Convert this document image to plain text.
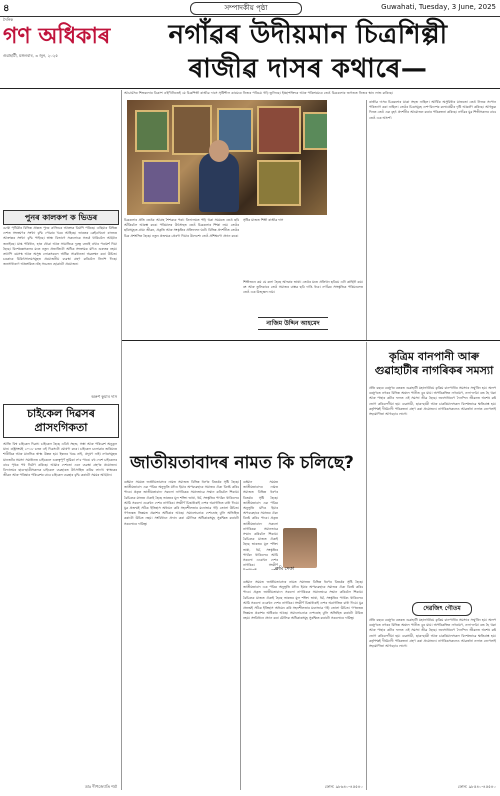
৪	সম্পাদকীয় পৃষ্ঠা	Guwahati, Tuesday, 3 June, 2025
দৈনিক
গণ অধিকাৰ
গুৱাহাটী, মঙ্গলবাৰ, ৩ জুন, ২০২৫
নগাঁৱৰ উদীয়মান চিত্ৰশিল্পী
ৰাজীৱ দাসৰ কথাৰে—
পুনৰ কালকপ ক ভিডৰ
চেপ্তা পৃথিৱীৰ বিভিন্ন প্ৰান্তত পুনৰ ক'ভিডৰ আতংক বিয়পি পৰিছে। এছিয়াৰ বিভিন্ন দেশত সংক্ৰমণৰ সংখ্যা বৃদ্ধি পোৱাৰ খবৰ আহিছে। ভাৰতৰ কেইবাখনো ৰাজ্যত আক্ৰান্তৰ সংখ্যা বৃদ্ধি পাইছে। স্বাস্থ্য বিভাগে সকলোকে সতৰ্ক থাকিবলৈ আহ্বান জনাইছে। মাস্ক পৰিধান, হাত ধোৱা আৰু সামাজিক দূৰত্ব বজাই ৰখাৰ পৰামৰ্শ দিয়া হৈছে। বিশেষজ্ঞসকলৰ মতে নতুন প্ৰজাতিটো অধিক সংক্ৰামক যদিও গুৰুতৰ নহয়। তথাপি বয়সস্থ আৰু অসুস্থ লোকসকলে অধিক সাৱধানতা অৱলম্বন কৰা উচিত। চৰকাৰে চিকিৎসালয়সমূহত প্ৰয়োজনীয় ব্যৱস্থা গ্ৰহণ কৰিবলৈ নিৰ্দেশ দিছে। জনসাধাৰণে আতংকিত নহৈ সচেতন হোৱাটো প্ৰয়োজন।
অৰুণ কুমাৰ দাস
চাইকেল দিৱসৰ প্ৰাসংগিকতা
আজি বিশ্ব চাইকেল দিৱস। চাইকেল হৈছে এবিধ সহজ, সস্তা আৰু পৰিৱেশ অনুকূল যান। ৰাষ্ট্ৰসংঘই ২০১৮ চনত এই দিৱসটো ঘোষণা কৰে। চাইকেল চলোৱাৰ জৰিয়তে শাৰীৰিক আৰু মানসিক স্বাস্থ্য উন্নত হয়। ইন্ধনৰ খৰচ নাই, প্ৰদূষণ নাই। নগৰসমূহত যানজটৰ সমস্যা সমাধানত চাইকেলে গুৰুত্বপূৰ্ণ ভূমিকা ল'ব পাৰে। বহু দেশে চাইকেলৰ বাবে পৃথক পথ নিৰ্মাণ কৰিছে। আমাৰ দেশতো এনে ব্যৱস্থা গ্ৰহণৰ প্ৰয়োজন। বিদ্যালয়ৰ ছাত্ৰ-ছাত্ৰীসকলক চাইকেল ব্যৱহাৰত উৎসাহিত কৰিব লাগে। স্বাস্থ্যকৰ জীৱন আৰু পৰিষ্কাৰ পৰিৱেশৰ বাবে চাইকেল ব্যৱহাৰ বৃদ্ধি কৰাটো সময়ৰ আহ্বান।
ডাঃ দীপজ্যোতি শৰ্মা
আচাৰ্যসৰ শিল্পকলাৰ বিকাশ এইখিনিতেই যে চিত্ৰশিল্পী ৰাজীৱ দাসে সৃষ্টিশীল কামেৰে নিজৰ পৰিচয় গঢ়ি তুলিছে। ইচ্ছাশক্তিৰে আৰু পৰিশ্ৰমেৰে তেওঁ চিত্ৰকলাৰ জগতত নিজৰ স্থান লাভ কৰিছে।
চিত্ৰকলাৰ প্ৰতি তেওঁৰ আগ্ৰহ শৈশৱৰে পৰা। বিদ্যালয়ত পঢ়ি থকা সময়তে তেওঁ ছবি আঁকিবলৈ আৰম্ভ কৰে। পৰিয়ালৰ উৎসাহত তেওঁ চিত্ৰকলাৰ শিক্ষা লয়। তেওঁৰ ছবিসমূহত গ্ৰাম্য জীৱন, প্ৰকৃতি আৰু সংস্কৃতিৰ প্ৰতিফলন ঘটে। বিভিন্ন প্ৰদৰ্শনীত তেওঁৰ চিত্ৰ প্ৰশংসিত হৈছে। নতুন প্ৰজন্মক প্ৰেৰণা দিয়াৰ উদ্দেশ্যে তেওঁ প্ৰশিক্ষণো প্ৰদান কৰে।
সৃষ্টিৰ মাজত শিল্পী ৰাজীৱ দাস
শিল্পীজনে কয় যে কলা হৈছে আত্মাৰ ভাষা। তেওঁৰ মতে প্ৰতিখন ছবিয়ে এটা কাহিনী কয়। ৰং আৰু তুলিকাৰে তেওঁ সমাজৰ বাস্তৱ ছবি দাঙি ধৰে। নগাঁৱৰ সাংস্কৃতিক পৰিমণ্ডলত তেওঁ এক উজ্জ্বল নাম।
নাজিম উদ্দিন আহমেদ
ৰাজীৱ দাসৰ চিত্ৰকলাৰ যাত্ৰা সহজ নাছিল। আৰ্থিক অসুবিধাৰ মাজতো তেওঁ নিজৰ সপোন পৰিত্যাগ কৰা নাছিল। তেওঁৰ চিত্ৰসমূহে দেশ-বিদেশৰ কলাপ্ৰেমীৰ দৃষ্টি আকৰ্ষণ কৰিছে। আগন্তুক দিনত তেওঁ এক বৃহৎ প্ৰদৰ্শনীৰ আয়োজন কৰাৰ পৰিকল্পনা কৰিছে। নগাঁৱৰ যুৱ শিল্পীসকলৰ বাবে তেওঁ এক আদৰ্শ।
কৃত্ৰিম বানপানী আৰু গুৱাহাটীৰ নাগৰিকৰ সমস্যা
প্ৰতি বছৰে বৰষুণৰ বতৰত গুৱাহাটী মহানগৰীয়ে কৃত্ৰিম বানপানীৰ সমস্যাৰ সন্মুখীন হয়। অলপ বৰষুণতে নগৰৰ বিভিন্ন অঞ্চল পানীত বুৰ যায়। অপৰিকল্পিত নগৰায়ণ, নলা-নৰ্দমা বন্ধ হৈ থকা আৰু পাহাৰ কটাৰ ফলত এই সমস্যা তীব্ৰ হৈছে। জনসাধাৰণে দৈনন্দিন জীৱনত অশেষ কষ্ট ভোগ কৰিবলগীয়া হয়। ব্যৱসায়ী, ছাত্ৰ-ছাত্ৰী আৰু চাকৰিয়ালসকল বিশেষভাৱে ক্ষতিগ্ৰস্ত হয়। কৰ্তৃপক্ষই দীৰ্ঘম্যাদী পৰিকল্পনা গ্ৰহণ কৰা প্ৰয়োজন। নাগৰিকসকলেও আৱৰ্জনা নলাত নেপেলাই সহযোগিতা আগবঢ়াব লাগে।
দেৱজিৎ গৌতম
প্ৰতি বছৰে বৰষুণৰ বতৰত গুৱাহাটী মহানগৰীয়ে কৃত্ৰিম বানপানীৰ সমস্যাৰ সন্মুখীন হয়। অলপ বৰষুণতে নগৰৰ বিভিন্ন অঞ্চল পানীত বুৰ যায়। অপৰিকল্পিত নগৰায়ণ, নলা-নৰ্দমা বন্ধ হৈ থকা আৰু পাহাৰ কটাৰ ফলত এই সমস্যা তীব্ৰ হৈছে। জনসাধাৰণে দৈনন্দিন জীৱনত অশেষ কষ্ট ভোগ কৰিবলগীয়া হয়। ব্যৱসায়ী, ছাত্ৰ-ছাত্ৰী আৰু চাকৰিয়ালসকল বিশেষভাৱে ক্ষতিগ্ৰস্ত হয়। কৰ্তৃপক্ষই দীৰ্ঘম্যাদী পৰিকল্পনা গ্ৰহণ কৰা প্ৰয়োজন। নাগৰিকসকলেও আৱৰ্জনা নলাত নেপেলাই সহযোগিতা আগবঢ়াব লাগে।
ফোন: ৯৮৫৪০-৪৫৫৪০
জাতীয়তাবাদৰ নামত কি চলিছে?
বৰ্তমান সময়ত জাতীয়তাবাদৰ নামত সমাজত বিভিন্ন ধৰণৰ বিতৰ্কৰ সৃষ্টি হৈছে। জাতীয়তাবাদ এক পবিত্ৰ অনুভূতি যদিও ইয়াৰ অপব্যৱহাৰে সমাজৰ ঐক্য বিনষ্ট কৰিব পাৰে। প্ৰকৃত জাতীয়তাবাদে সকলো নাগৰিকক সমানভাৱে সন্মান কৰিবলৈ শিকায়। বৈচিত্ৰ্যৰ মাজত ঐক্যই হৈছে ভাৰতৰ মূল শক্তি। ভাষা, ধৰ্ম, সংস্কৃতিৰ পাৰ্থক্য থাকিলেও আমি সকলো একেখন দেশৰ নাগৰিক। সংকীৰ্ণ চিন্তাধাৰাই দেশৰ অগ্ৰগতিত বাধা দিয়ে। যুৱ প্ৰজন্মই সঠিক ইতিহাস অধ্যয়ন কৰি সহনশীলতাৰ মনোভাৱ গঢ়ি তোলা উচিত। গণতন্ত্ৰত ভিন্নমত প্ৰকাশৰ অধিকাৰ আছে। সমালোচনাক দেশদ্ৰোহ বুলি অভিহিত কৰাটো উচিত নহয়। সংবিধানে প্ৰদান কৰা মৌলিক অধিকাৰসমূহ সুৰক্ষিত কৰাটো সকলোৰে দায়িত্ব।
বৰ্তমান সময়ত জাতীয়তাবাদৰ নামত সমাজত বিভিন্ন ধৰণৰ বিতৰ্কৰ সৃষ্টি হৈছে। জাতীয়তাবাদ এক পবিত্ৰ অনুভূতি যদিও ইয়াৰ অপব্যৱহাৰে সমাজৰ ঐক্য বিনষ্ট কৰিব পাৰে। প্ৰকৃত জাতীয়তাবাদে সকলো নাগৰিকক সমানভাৱে সন্মান কৰিবলৈ শিকায়। বৈচিত্ৰ্যৰ মাজত ঐক্যই হৈছে ভাৰতৰ মূল শক্তি। ভাষা, ধৰ্ম, সংস্কৃতিৰ পাৰ্থক্য থাকিলেও আমি সকলো একেখন দেশৰ নাগৰিক। সংকীৰ্ণ
ৰুমি দেকা
বৰ্তমান সময়ত জাতীয়তাবাদৰ নামত সমাজত বিভিন্ন ধৰণৰ বিতৰ্কৰ সৃষ্টি হৈছে। জাতীয়তাবাদ এক পবিত্ৰ অনুভূতি যদিও ইয়াৰ অপব্যৱহাৰে সমাজৰ ঐক্য বিনষ্ট কৰিব পাৰে। প্ৰকৃত জাতীয়তাবাদে সকলো নাগৰিকক সমানভাৱে সন্মান কৰিবলৈ শিকায়। বৈচিত্ৰ্যৰ মাজত ঐক্যই হৈছে ভাৰতৰ মূল শক্তি। ভাষা, ধৰ্ম, সংস্কৃতিৰ পাৰ্থক্য থাকিলেও আমি সকলো একেখন দেশৰ নাগৰিক। সংকীৰ্ণ চিন্তাধাৰাই দেশৰ অগ্ৰগতিত বাধা দিয়ে। যুৱ প্ৰজন্মই সঠিক ইতিহাস অধ্যয়ন কৰি সহনশীলতাৰ মনোভাৱ গঢ়ি তোলা উচিত। গণতন্ত্ৰত ভিন্নমত প্ৰকাশৰ অধিকাৰ আছে। সমালোচনাক দেশদ্ৰোহ বুলি অভিহিত কৰাটো উচিত নহয়। সংবিধানে প্ৰদান কৰা মৌলিক অধিকাৰসমূহ সুৰক্ষিত কৰাটো সকলোৰে দায়িত্ব।
ফোন: ৯৮৬৪০-৪৫৫৪০
